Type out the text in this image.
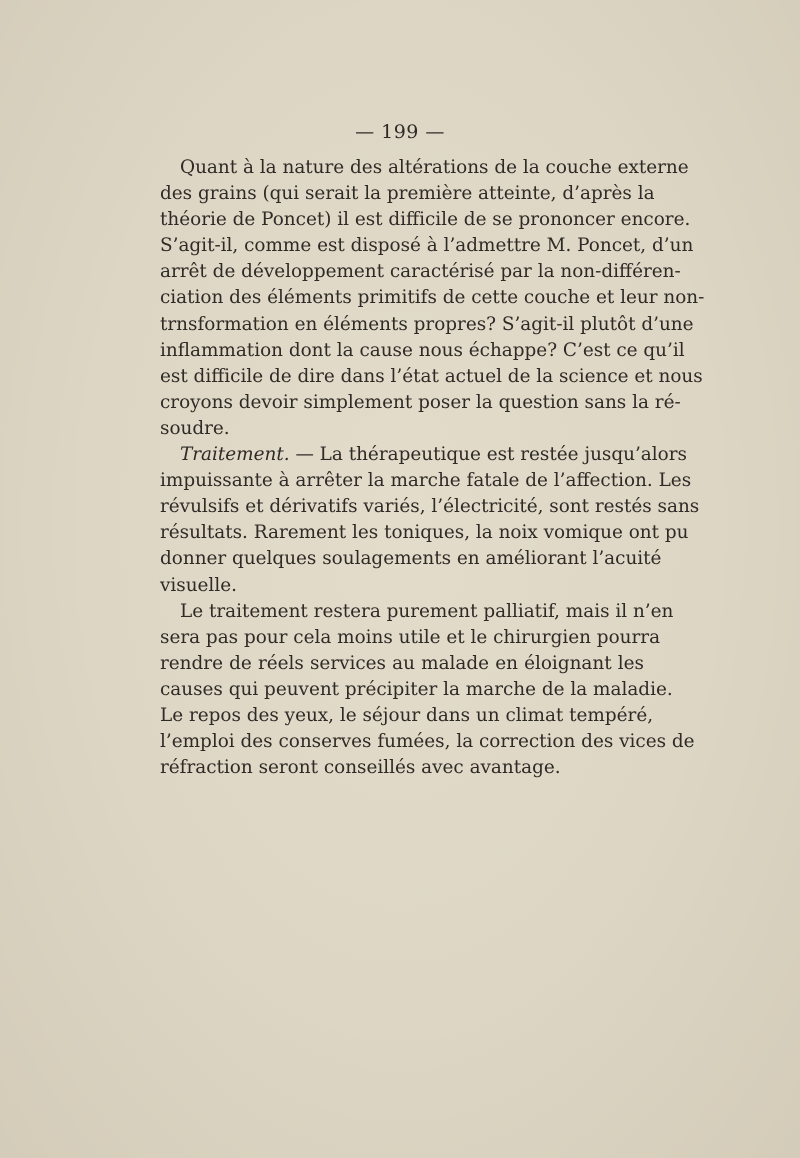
— 199 —
Quant à la nature des altérations de la couche externe
des grains (qui serait la première atteinte, d’après la
théorie de Poncet) il est difficile de se prononcer encore.
S’agit-il, comme est disposé à l’admettre M. Poncet, d’un
arrêt de développement caractérisé par la non-différen-
ciation des éléments primitifs de cette couche et leur non-
trnsformation en éléments propres? S’agit-il plutôt d’une
inflammation dont la cause nous échappe? C’est ce qu’il
est difficile de dire dans l’état actuel de la science et nous
croyons devoir simplement poser la question sans la ré-
soudre.
Traitement. — La thérapeutique est restée jusqu’alors
impuissante à arrêter la marche fatale de l’affection. Les
révulsifs et dérivatifs variés, l’électricité, sont restés sans
résultats. Rarement les toniques, la noix vomique ont pu
donner quelques soulagements en améliorant l’acuité
visuelle.
Le traitement restera purement palliatif, mais il n’en
sera pas pour cela moins utile et le chirurgien pourra
rendre de réels services au malade en éloignant les
causes qui peuvent précipiter la marche de la maladie.
Le repos des yeux, le séjour dans un climat tempéré,
l’emploi des conserves fumées, la correction des vices de
réfraction seront conseillés avec avantage.
